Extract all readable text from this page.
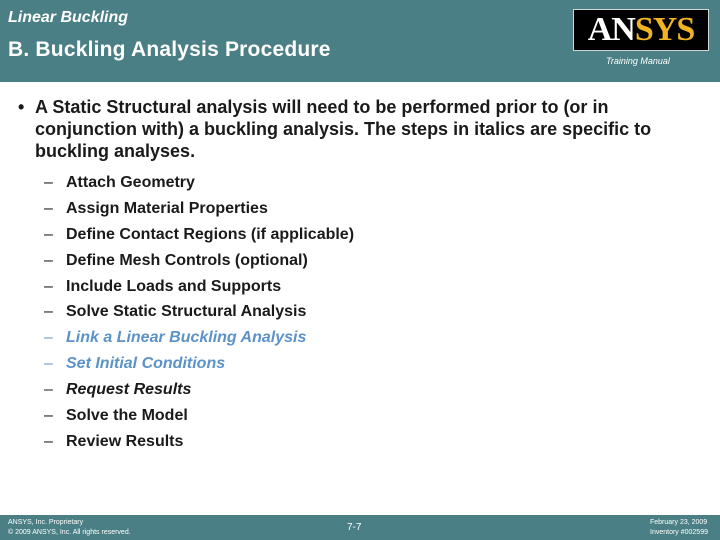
Linear Buckling
B. Buckling Analysis Procedure
AN SYS
Training Manual
• A Static Structural analysis will need to be performed prior to (or in conjunction with) a buckling analysis. The steps in italics are specific to buckling analyses.
– Attach Geometry
– Assign Material Properties
– Define Contact Regions (if applicable)
– Define Mesh Controls (optional)
– Include Loads and Supports
– Solve Static Structural Analysis
– Link a Linear Buckling Analysis
– Set Initial Conditions
– Request Results
– Solve the Model
– Review Results
ANSYS, Inc. Proprietary
© 2009 ANSYS, Inc. All rights reserved.	7-7	February 23, 2009
Inventory #002599
